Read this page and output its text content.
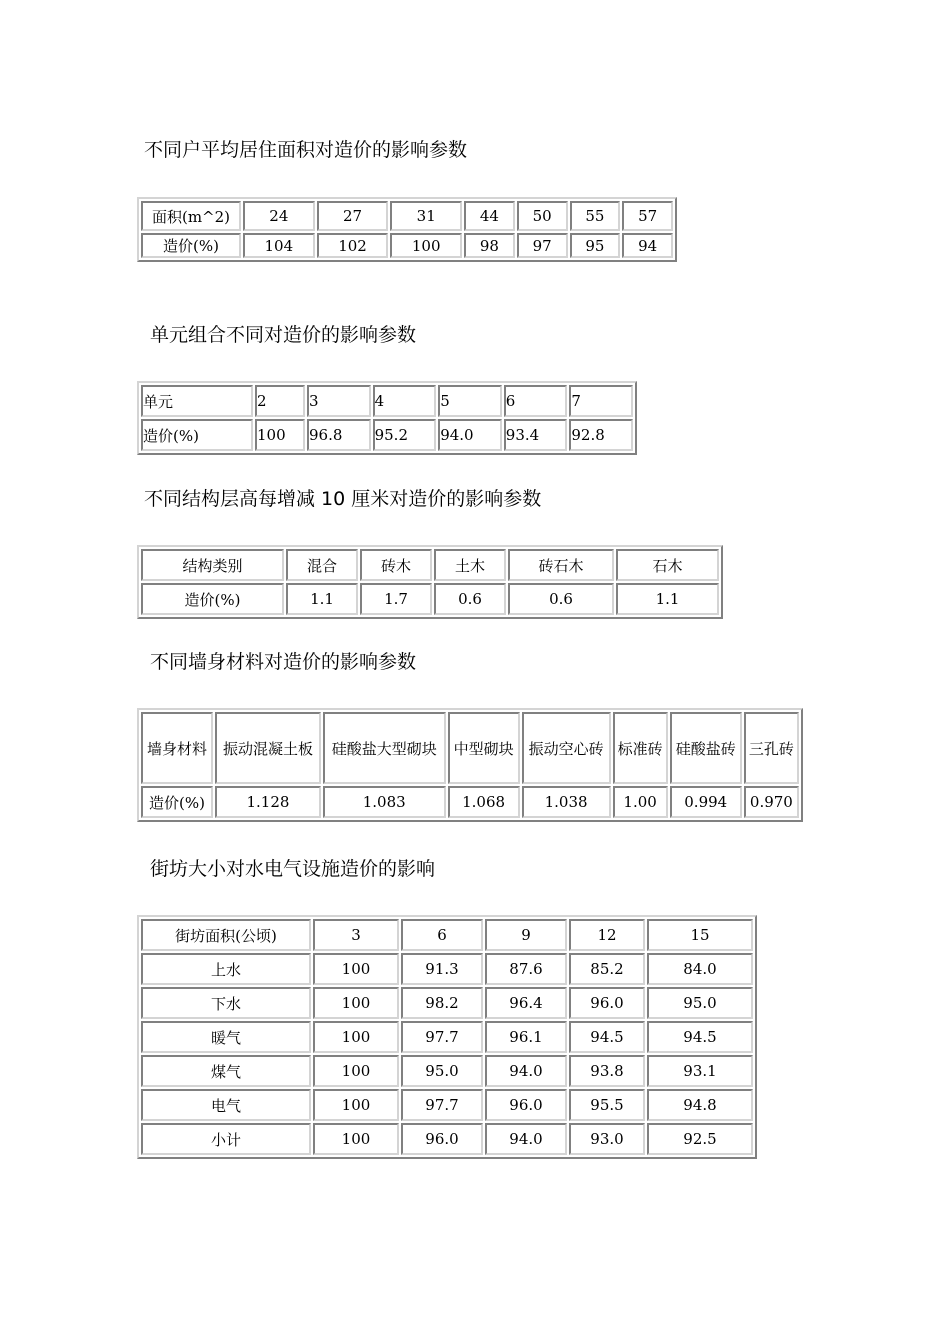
不同户平均居住面积对造价的影响参数
面积(m^2)	24	27	31	44	50	55	57
造价(%)	104	102	100	98	97	95	94
单元组合不同对造价的影响参数
单元	2	3	4	5	6	7
造价(%)	100	96.8	95.2	94.0	93.4	92.8
不同结构层高每增减 10 厘米对造价的影响参数
结构类别	混合	砖木	土木	砖石木	石木
造价(%)	1.1	1.7	0.6	0.6	1.1
不同墙身材料对造价的影响参数
墙身材料	振动混凝土板	硅酸盐大型砌块	中型砌块	振动空心砖	标准砖	硅酸盐砖	三孔砖
造价(%)	1.128	1.083	1.068	1.038	1.00	0.994	0.970
街坊大小对水电气设施造价的影响
街坊面积(公顷)	3	6	9	12	15
上水	100	91.3	87.6	85.2	84.0
下水	100	98.2	96.4	96.0	95.0
暖气	100	97.7	96.1	94.5	94.5
煤气	100	95.0	94.0	93.8	93.1
电气	100	97.7	96.0	95.5	94.8
小计	100	96.0	94.0	93.0	92.5
